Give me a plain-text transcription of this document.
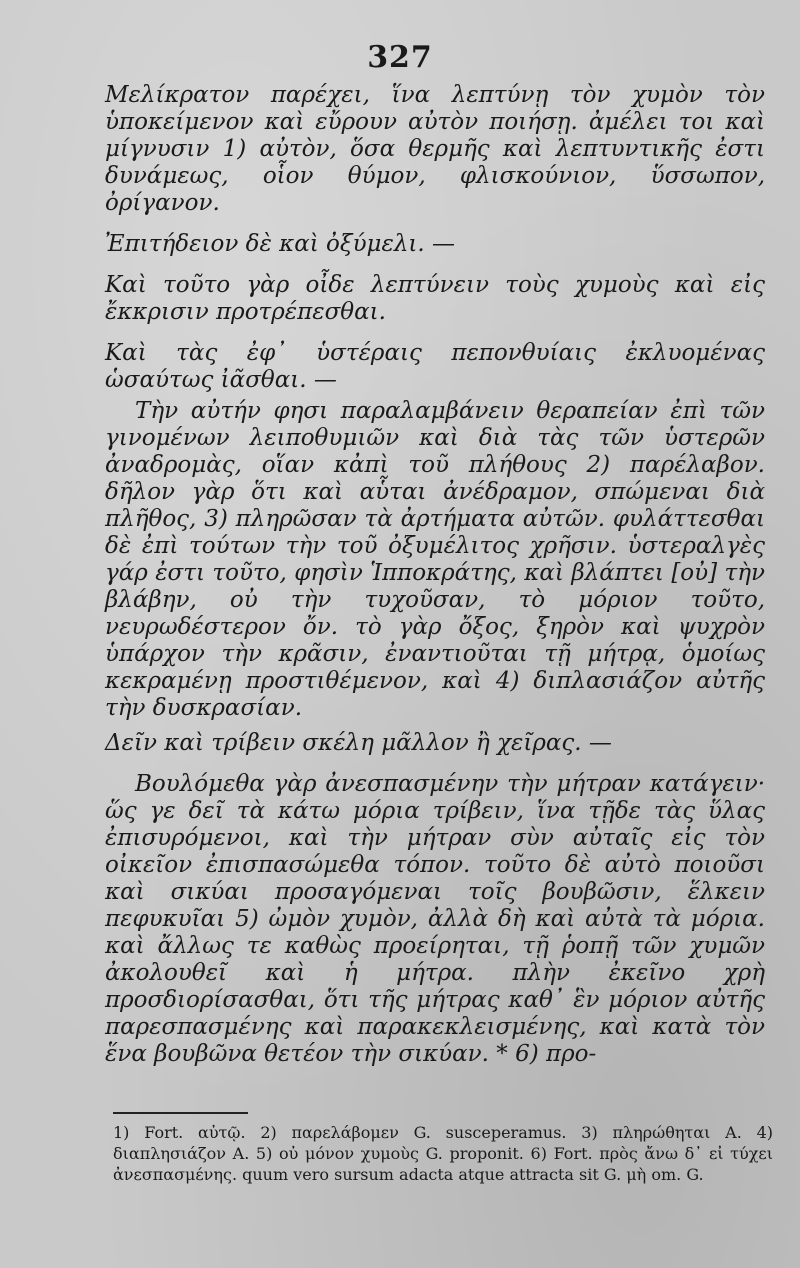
327

Μελίκρατον παρέχει, ἵνα λεπτύνῃ τὸν χυμὸν τὸν ὑποκείμενον καὶ εὔρουν αὐτὸν ποιήσῃ. ἀμέλει τοι καὶ μίγνυσιν 1) αὐτὸν, ὅσα θερμῆς καὶ λεπτυντικῆς ἐστι δυνάμεως, οἷον θύμον, φλισκούνιον, ὕσσωπον, ὀρίγανον.

Ἐπιτήδειον δὲ καὶ ὀξύμελι. —

Καὶ τοῦτο γὰρ οἶδε λεπτύνειν τοὺς χυμοὺς καὶ εἰς ἔκκρισιν προτρέπεσθαι.

Καὶ τὰς ἐφ᾽ ὑστέραις πεπονθυίαις ἐκλυομένας ὡσαύτως ἰᾶσθαι. —

Τὴν αὐτήν φησι παραλαμβάνειν θεραπείαν ἐπὶ τῶν γινομένων λειποθυμιῶν καὶ διὰ τὰς τῶν ὑστερῶν ἀναδρομὰς, οἵαν κἀπὶ τοῦ πλήθους 2) παρέλαβον. δῆλον γὰρ ὅτι καὶ αὗται ἀνέδραμον, σπώμεναι διὰ πλῆθος, 3) πληρῶσαν τὰ ἀρτήματα αὐτῶν. φυλάττεσθαι δὲ ἐπὶ τούτων τὴν τοῦ ὀξυμέλιτος χρῆσιν. ὑστεραλγὲς γάρ ἐστι τοῦτο, φησὶν Ἱπποκράτης, καὶ βλάπτει [οὐ] τὴν βλάβην, οὐ τὴν τυχοῦσαν, τὸ μόριον τοῦτο, νευρωδέστερον ὄν. τὸ γὰρ ὄξος, ξηρὸν καὶ ψυχρὸν ὑπάρχον τὴν κρᾶσιν, ἐναντιοῦται τῇ μήτρᾳ, ὁμοίως κεκραμένῃ προστιθέμενον, καὶ 4) διπλασιάζον αὐτῆς τὴν δυσκρασίαν.

Δεῖν καὶ τρίβειν σκέλη μᾶλλον ἢ χεῖρας. —

Βουλόμεθα γὰρ ἀνεσπασμένην τὴν μήτραν κατάγειν· ὥς γε δεῖ τὰ κάτω μόρια τρίβειν, ἵνα τῇδε τὰς ὕλας ἐπισυρόμενοι, καὶ τὴν μήτραν σὺν αὐταῖς εἰς τὸν οἰκεῖον ἐπισπασώμεθα τόπον. τοῦτο δὲ αὐτὸ ποιοῦσι καὶ σικύαι προσαγόμεναι τοῖς βουβῶσιν, ἕλκειν πεφυκυῖαι 5) ὠμὸν χυμὸν, ἀλλὰ δὴ καὶ αὐτὰ τὰ μόρια. καὶ ἄλλως τε καθὼς προείρηται, τῇ ῥοπῇ τῶν χυμῶν ἀκολουθεῖ καὶ ἡ μήτρα. πλὴν ἐκεῖνο χρὴ προσδιορίσασθαι, ὅτι τῆς μήτρας καθ᾽ ἓν μόριον αὐτῆς παρεσπασμένης καὶ παρακεκλεισμένης, καὶ κατὰ τὸν ἕνα βουβῶνα θετέον τὴν σικύαν. * 6) προ-

1) Fort. αὐτῷ. 2) παρελάβομεν G. susceperamus. 3) πληρώθηται A. 4) διαπλησιάζον A. 5) οὐ μόνον χυμοὺς G. proponit. 6) Fort. πρὸς ἄνω δ᾽ εἰ τύχει ἀνεσπασμένης. quum vero sursum adacta atque attracta sit G. μὴ om. G.
